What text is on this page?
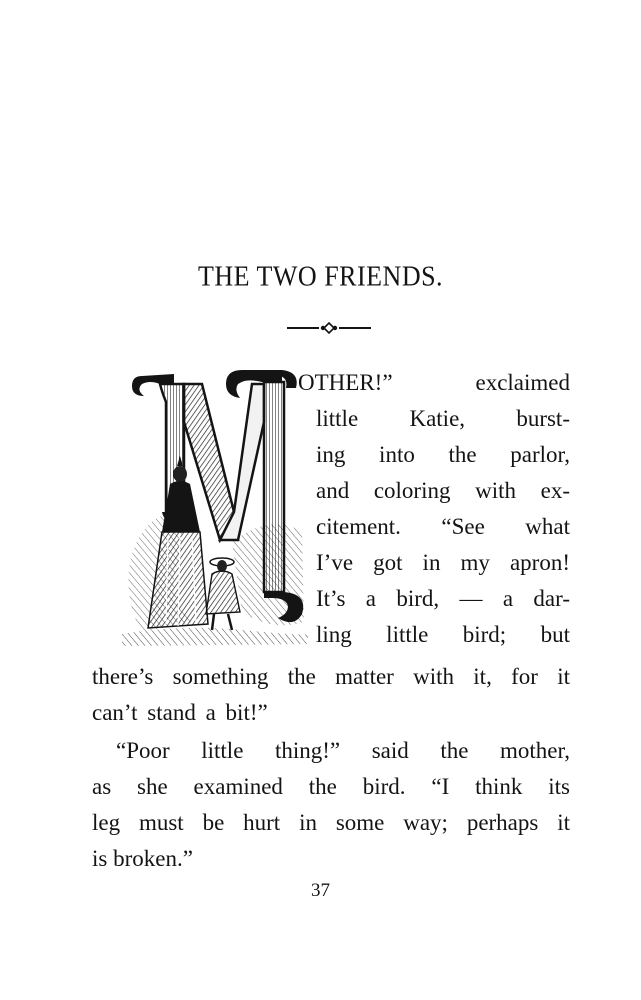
THE TWO FRIENDS.
OTHER!” exclaimed
little Katie, burst-
ing into the parlor,
and coloring with ex-
citement. “See what
I’ve got in my apron!
It’s a bird, — a dar-
ling little bird; but
there’s something the matter with it, for it
can’t stand a bit!”
“Poor little thing!” said the mother,
as she examined the bird. “I think its
leg must be hurt in some way; perhaps it
is broken.”
37
